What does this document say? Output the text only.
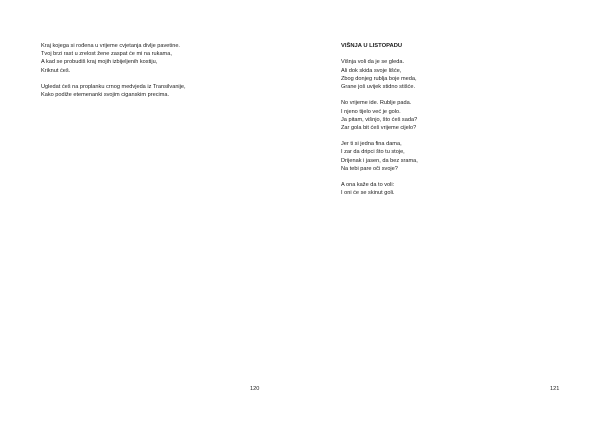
Kraj kojega si rođena u vrijeme cvjetanja divlje pavetine.
Tvoj brzi rast u zrelost žene zaspat će mi na rukama,
A kad se probudiš kraj mojih izbijeljenih kostiju,
Kriknut ćeš.
Ugledat ćeš na proplanku crnog medvjeda iz Transilvanije,
Kako podiže etemenanki svojim ciganskim precima.
120
VIŠNJA U LISTOPADU
Višnja voli da je se gleda.
Ali dok skida svoje lišće,
Zbog donjeg rublja boje meda,
Grane još uvijek stidno stišće.
No vrijeme ide. Rublje pada.
I njeno tijelo već je golo.
Ja pitam, višnjo, što ćeš sada?
Zar gola bit ćeš vrijeme cijelo?
Jer ti si jedna fina dama,
I zar da dripci što tu stoje,
Drijenak i jasen, da bez srama,
Na tebi pare oči svoje?
A ona kaže da to voli:
I oni će se skinut goli.
121
